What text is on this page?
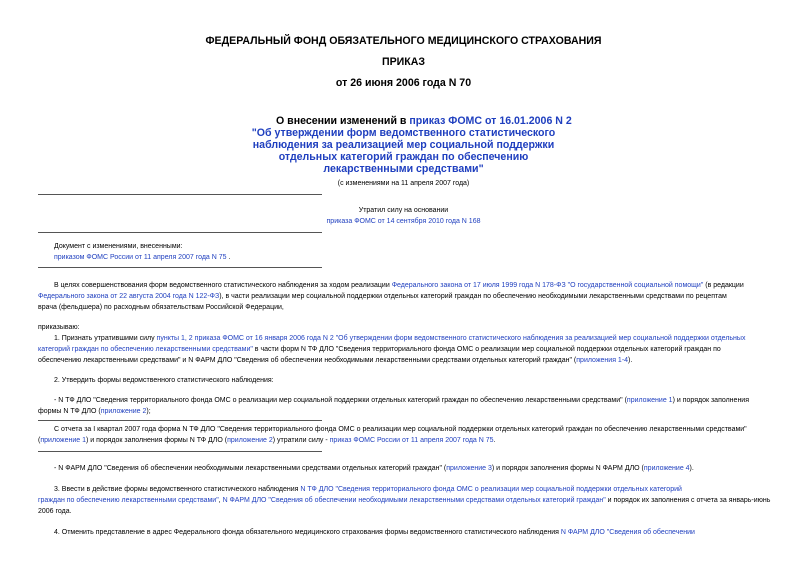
ФЕДЕРАЛЬНЫЙ ФОНД ОБЯЗАТЕЛЬНОГО МЕДИЦИНСКОГО СТРАХОВАНИЯ
ПРИКАЗ
от 26 июня 2006 года N 70
О внесении изменений в приказ ФОМС от 16.01.2006 N 2
"Об утверждении форм ведомственного статистического
наблюдения за реализацией мер социальной поддержки
отдельных категорий граждан по обеспечению
лекарственными средствами"
(с изменениями на 11 апреля 2007 года)
Утратил силу на основании
приказа ФОМС от 14 сентября 2010 года N 168
Документ с изменениями, внесенными:
приказом ФОМС России от 11 апреля 2007 года N 75 .
В целях совершенствования форм ведомственного статистического наблюдения за ходом реализации Федерального закона от 17 июля 1999 года N 178-ФЗ "О государственной социальной помощи" (в редакции
Федерального закона от 22 августа 2004 года N 122-ФЗ), в части реализации мер социальной поддержки отдельных категорий граждан по обеспечению необходимыми лекарственными средствами по рецептам
врача (фельдшера) по расходным обязательствам Российской Федерации,
приказываю:
1. Признать утратившими силу пункты 1, 2 приказа ФОМС от 16 января 2006 года N 2 "Об утверждении форм ведомственного статистического наблюдения за реализацией мер социальной поддержки отдельных
категорий граждан по обеспечению лекарственными средствами" в части форм N ТФ ДЛО "Сведения территориального фонда ОМС о реализации мер социальной поддержки отдельных категорий граждан по
обеспечению лекарственными средствами" и N ФАРМ ДЛО "Сведения об обеспечении необходимыми лекарственными средствами отдельных категорий граждан" (приложения 1-4).
2. Утвердить формы ведомственного статистического наблюдения:
- N ТФ ДЛО "Сведения территориального фонда ОМС о реализации мер социальной поддержки отдельных категорий граждан по обеспечению лекарственными средствами" (приложение 1) и порядок заполнения
формы N ТФ ДЛО (приложение 2);
С отчета за I квартал 2007 года форма N ТФ ДЛО "Сведения территориального фонда ОМС о реализации мер социальной поддержки отдельных категорий граждан по обеспечению лекарственными средствами"
(приложение 1) и порядок заполнения формы N ТФ ДЛО (приложение 2) утратили силу - приказ ФОМС России от 11 апреля 2007 года N 75.
- N ФАРМ ДЛО "Сведения об обеспечении необходимыми лекарственными средствами отдельных категорий граждан" (приложение 3) и порядок заполнения формы N ФАРМ ДЛО (приложение 4).
3. Ввести в действие формы ведомственного статистического наблюдения N ТФ ДЛО "Сведения территориального фонда ОМС о реализации мер социальной поддержки отдельных категорий
граждан по обеспечению лекарственными средствами", N ФАРМ ДЛО "Сведения об обеспечении необходимыми лекарственными средствами отдельных категорий граждан" и порядок их заполнения с отчета за январь-июнь
2006 года.
4. Отменить представление в адрес Федерального фонда обязательного медицинского страхования формы ведомственного статистического наблюдения N ФАРМ ДЛО "Сведения об обеспечении
